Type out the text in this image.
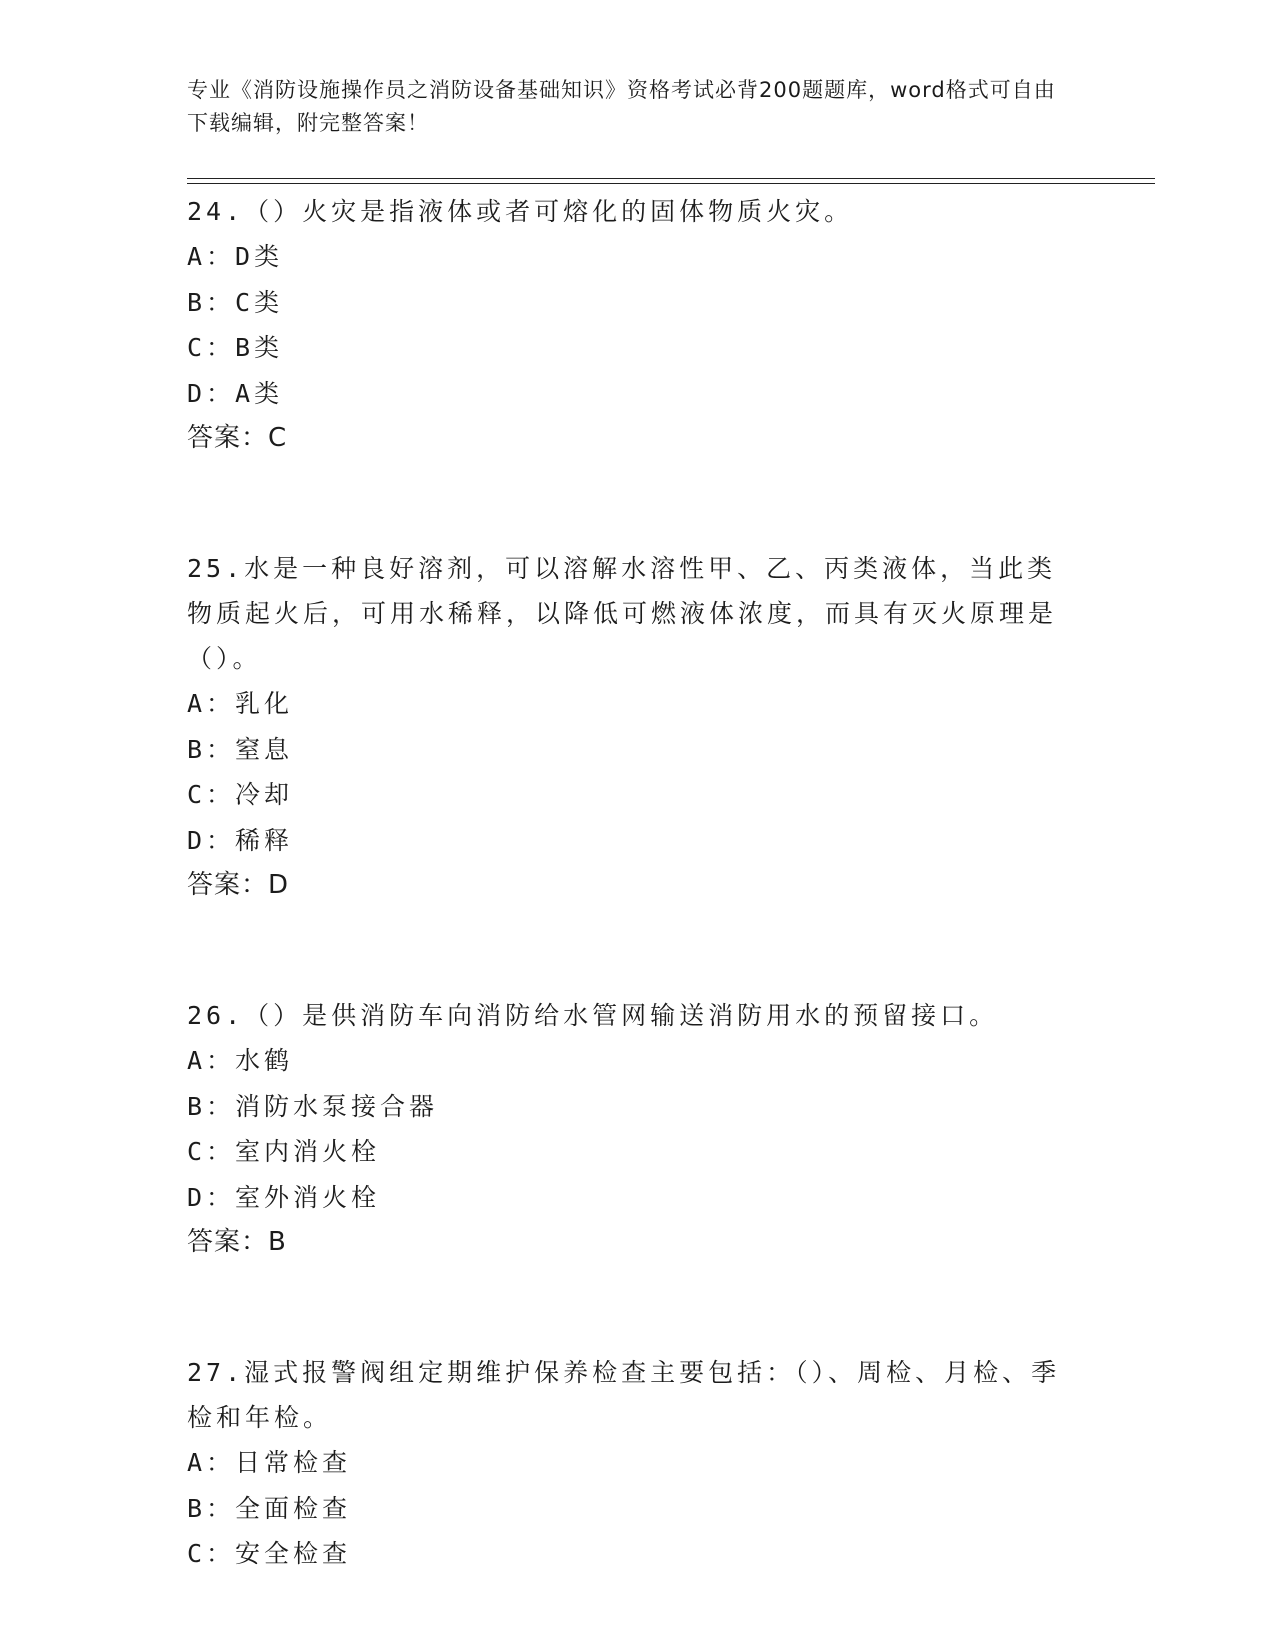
专业《消防设施操作员之消防设备基础知识》资格考试必背200题题库，word格式可自由下载编辑，附完整答案！

24.（）火灾是指液体或者可熔化的固体物质火灾。

A：D类

B：C类

C：B类

D：A类

答案：C

25.水是一种良好溶剂，可以溶解水溶性甲、乙、丙类液体，当此类物质起火后，可用水稀释，以降低可燃液体浓度，而具有灭火原理是（）。

A：乳化

B：窒息

C：冷却

D：稀释

答案：D

26.（）是供消防车向消防给水管网输送消防用水的预留接口。

A：水鹤

B：消防水泵接合器

C：室内消火栓

D：室外消火栓

答案：B

27.湿式报警阀组定期维护保养检查主要包括：（）、周检、月检、季检和年检。

A：日常检查

B：全面检查

C：安全检查
